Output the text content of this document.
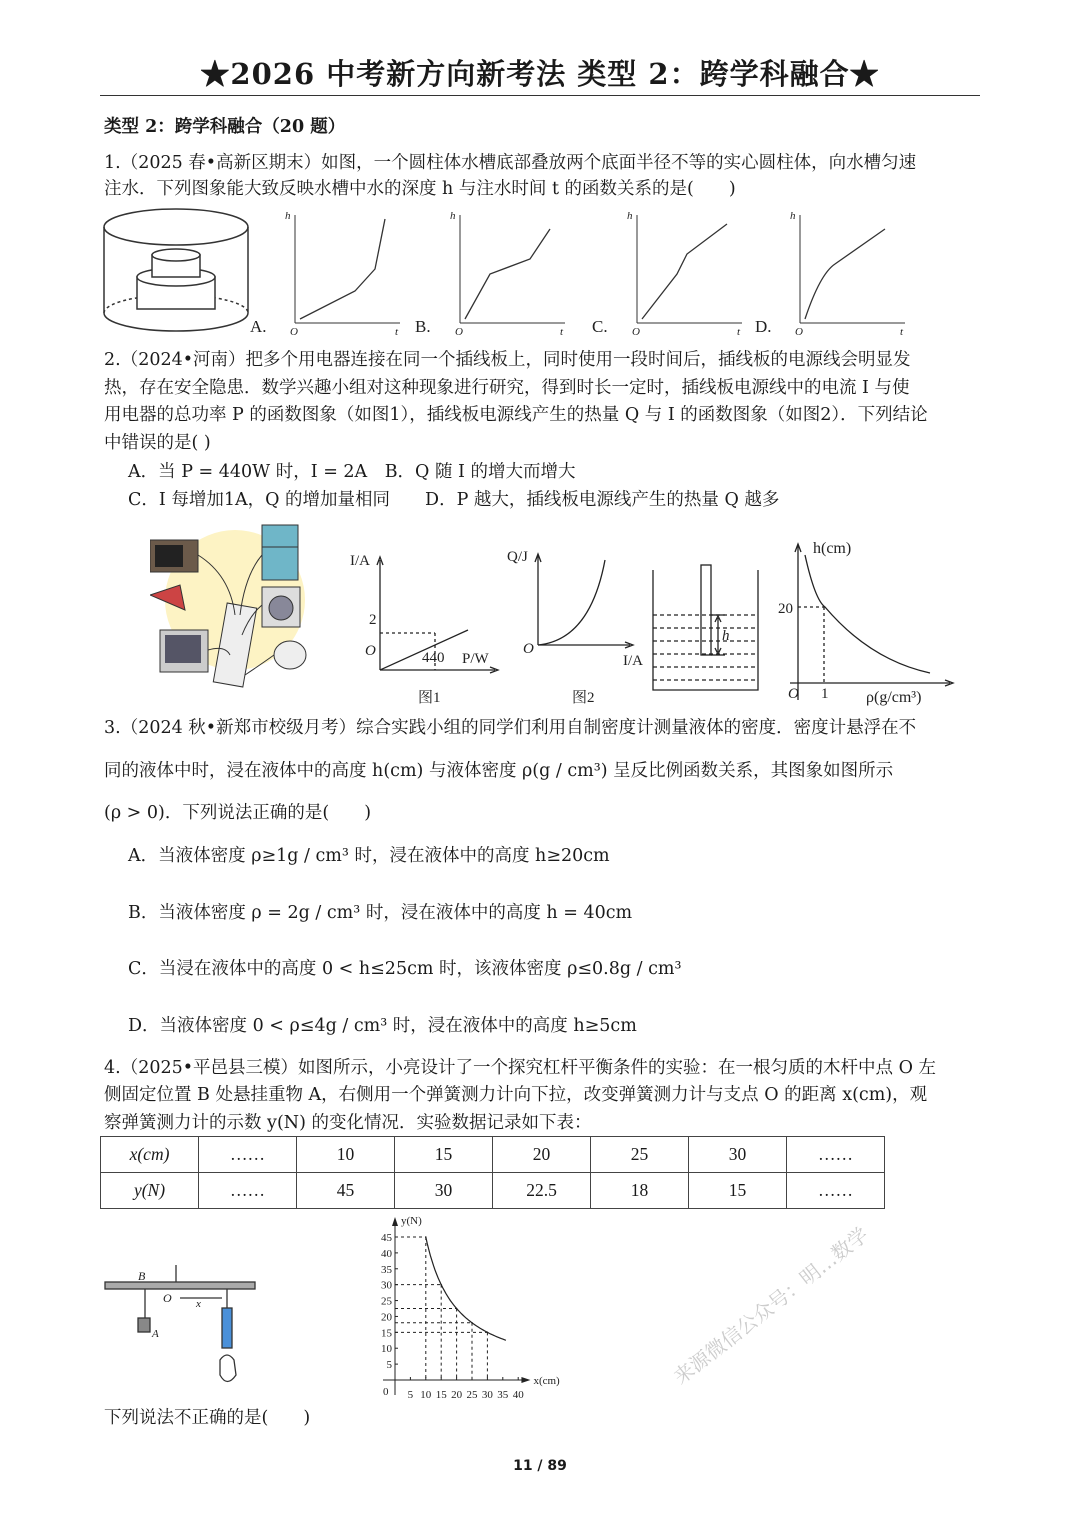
★2026 中考新方向新考法 类型 2：跨学科融合★
类型 2：跨学科融合（20 题）
1.（2025 春•高新区期末）如图，一个圆柱体水槽底部叠放两个底面半径不等的实心圆柱体，向水槽匀速
注水．下列图象能大致反映水槽中水的深度 h 与注水时间 t 的函数关系的是(　　)
A.
h
t
O	B.
h
t
O	C.
h
t
O	D.
h
t
O
2.（2024•河南）把多个用电器连接在同一个插线板上，同时使用一段时间后，插线板的电源线会明显发
热，存在安全隐患．数学兴趣小组对这种现象进行研究，得到时长一定时，插线板电源线中的电流 I 与使
用电器的总功率 P 的函数图象（如图1），插线板电源线产生的热量 Q 与 I 的函数图象（如图2）．下列结论
中错误的是( )
A．当 P = 440W 时，I = 2A　B．Q 随 I 的增大而增大
C．I 每增加1A，Q 的增加量相同　　D．P 越大，插线板电源线产生的热量 Q 越多
I/A
2
O	440 P/W
图1
Q/J
O
I/A
图2
h
h(cm)
20
O 1 ρ(g/cm³)
3.（2024 秋•新郑市校级月考）综合实践小组的同学们利用自制密度计测量液体的密度．密度计悬浮在不
同的液体中时，浸在液体中的高度 h(cm) 与液体密度 ρ(g / cm³) 呈反比例函数关系，其图象如图所示
(ρ > 0)．下列说法正确的是(　　)
A．当液体密度 ρ≥1g / cm³ 时，浸在液体中的高度 h≥20cm
B．当液体密度 ρ = 2g / cm³ 时，浸在液体中的高度 h = 40cm
C．当浸在液体中的高度 0 < h≤25cm 时，该液体密度 ρ≤0.8g / cm³
D．当液体密度 0 < ρ≤4g / cm³ 时，浸在液体中的高度 h≥5cm
4.（2025•平邑县三模）如图所示，小亮设计了一个探究杠杆平衡条件的实验：在一根匀质的木杆中点 O 左
侧固定位置 B 处悬挂重物 A，右侧用一个弹簧测力计向下拉，改变弹簧测力计与支点 O 的距离 x(cm)，观
察弹簧测力计的示数 y(N) 的变化情况．实验数据记录如下表：
x(cm)	……	10	15	20	25	30	……
y(N)	……	45	30	22.5	18	15	……
B
O x
A
5
10
15
20
25
30
35
40
45
5 10 15 20 25 30 35 40
0
y(N)
x(cm)	来源微信公众号：明…数学
下列说法不正确的是(　　)
11 / 89
